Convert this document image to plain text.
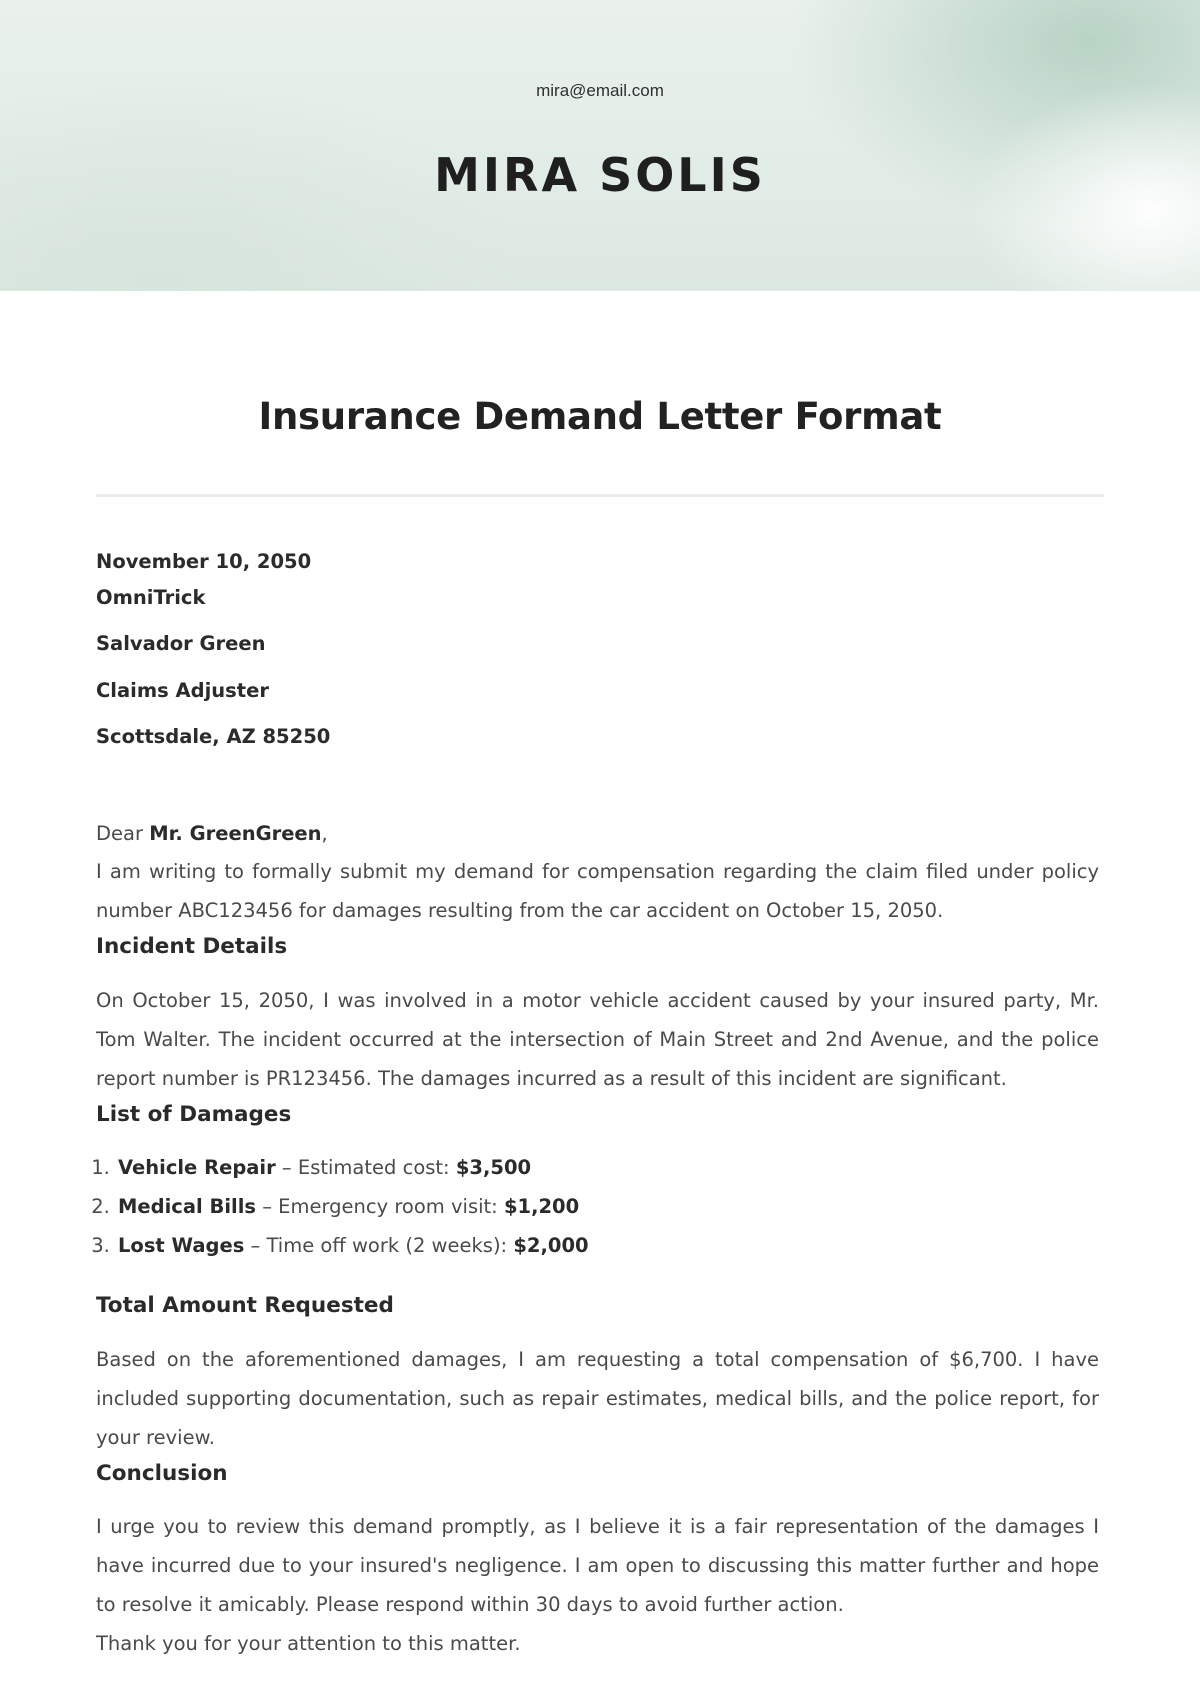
mira@email.com
MIRA SOLIS
Insurance Demand Letter Format
November 10, 2050
OmniTrick
Salvador Green
Claims Adjuster
Scottsdale, AZ 85250

Dear Mr. GreenGreen,

I am writing to formally submit my demand for compensation regarding the claim filed under policy number ABC123456 for damages resulting from the car accident on October 15, 2050.

Incident Details

On October 15, 2050, I was involved in a motor vehicle accident caused by your insured party, Mr. Tom Walter. The incident occurred at the intersection of Main Street and 2nd Avenue, and the police report number is PR123456. The damages incurred as a result of this incident are significant.

List of Damages
1. Vehicle Repair – Estimated cost: $3,500
2. Medical Bills – Emergency room visit: $1,200
3. Lost Wages – Time off work (2 weeks): $2,000
Total Amount Requested

Based on the aforementioned damages, I am requesting a total compensation of $6,700. I have included supporting documentation, such as repair estimates, medical bills, and the police report, for your review.

Conclusion

I urge you to review this demand promptly, as I believe it is a fair representation of the damages I have incurred due to your insured's negligence. I am open to discussing this matter further and hope to resolve it amicably. Please respond within 30 days to avoid further action.

Thank you for your attention to this matter.
